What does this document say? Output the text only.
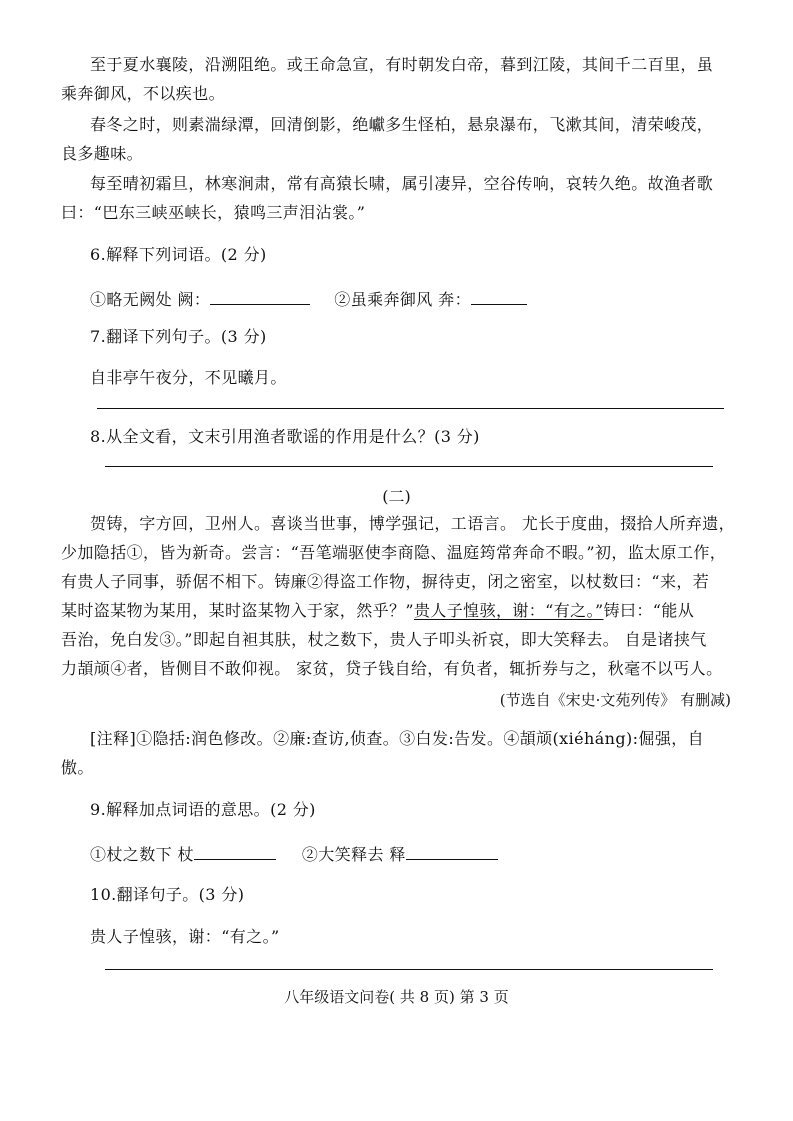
至于夏水襄陵，沿溯阻绝。或王命急宣，有时朝发白帝，暮到江陵，其间千二百里，虽
乘奔御风，不以疾也。
春冬之时，则素湍绿潭，回清倒影，绝巘多生怪柏，悬泉瀑布，飞漱其间，清荣峻茂，
良多趣味。
每至晴初霜旦，林寒涧肃，常有高猿长啸，属引凄异，空谷传响，哀转久绝。故渔者歌
曰：“巴东三峡巫峡长，猿鸣三声泪沾裳。”
6.解释下列词语。(2 分)
①略无阙处 阙：	②虽乘奔御风 奔：
7.翻译下列句子。(3 分)
自非亭午夜分，不见曦月。
8.从全文看，文末引用渔者歌谣的作用是什么？(3 分)
(二)
贺铸，字方回，卫州人。喜谈当世事，博学强记，工语言。 尤长于度曲，掇拾人所弃遗，
少加隐括①，皆为新奇。尝言：“吾笔端驱使李商隐、温庭筠常奔命不暇。”初，监太原工作，
有贵人子同事，骄倨不相下。铸廉②得盗工作物，摒待吏，闭之密室，以杖数曰：“来，若
某时盗某物为某用，某时盗某物入于家，然乎？”贵人子惶骇，谢：“有之。”铸曰：“能从
吾治，免白发③。”即起自袒其肤，杖之数下，贵人子叩头祈哀，即大笑释去。 自是诸挟气
力頡颃④者，皆侧目不敢仰视。 家贫，贷子钱自给，有负者，辄折券与之，秋毫不以丐人。
(节选自《宋史·文苑列传》 有删减)
[注释]①隐括:润色修改。②廉:查访,侦查。③白发:告发。④頡颃(xiéháng):倔强，自
傲。
9.解释加点词语的意思。(2 分)
①杖之数下 杖	②大笑释去 释
10.翻译句子。(3 分)
贵人子惶骇，谢：“有之。”
八年级语文问卷( 共 8 页) 第 3 页
